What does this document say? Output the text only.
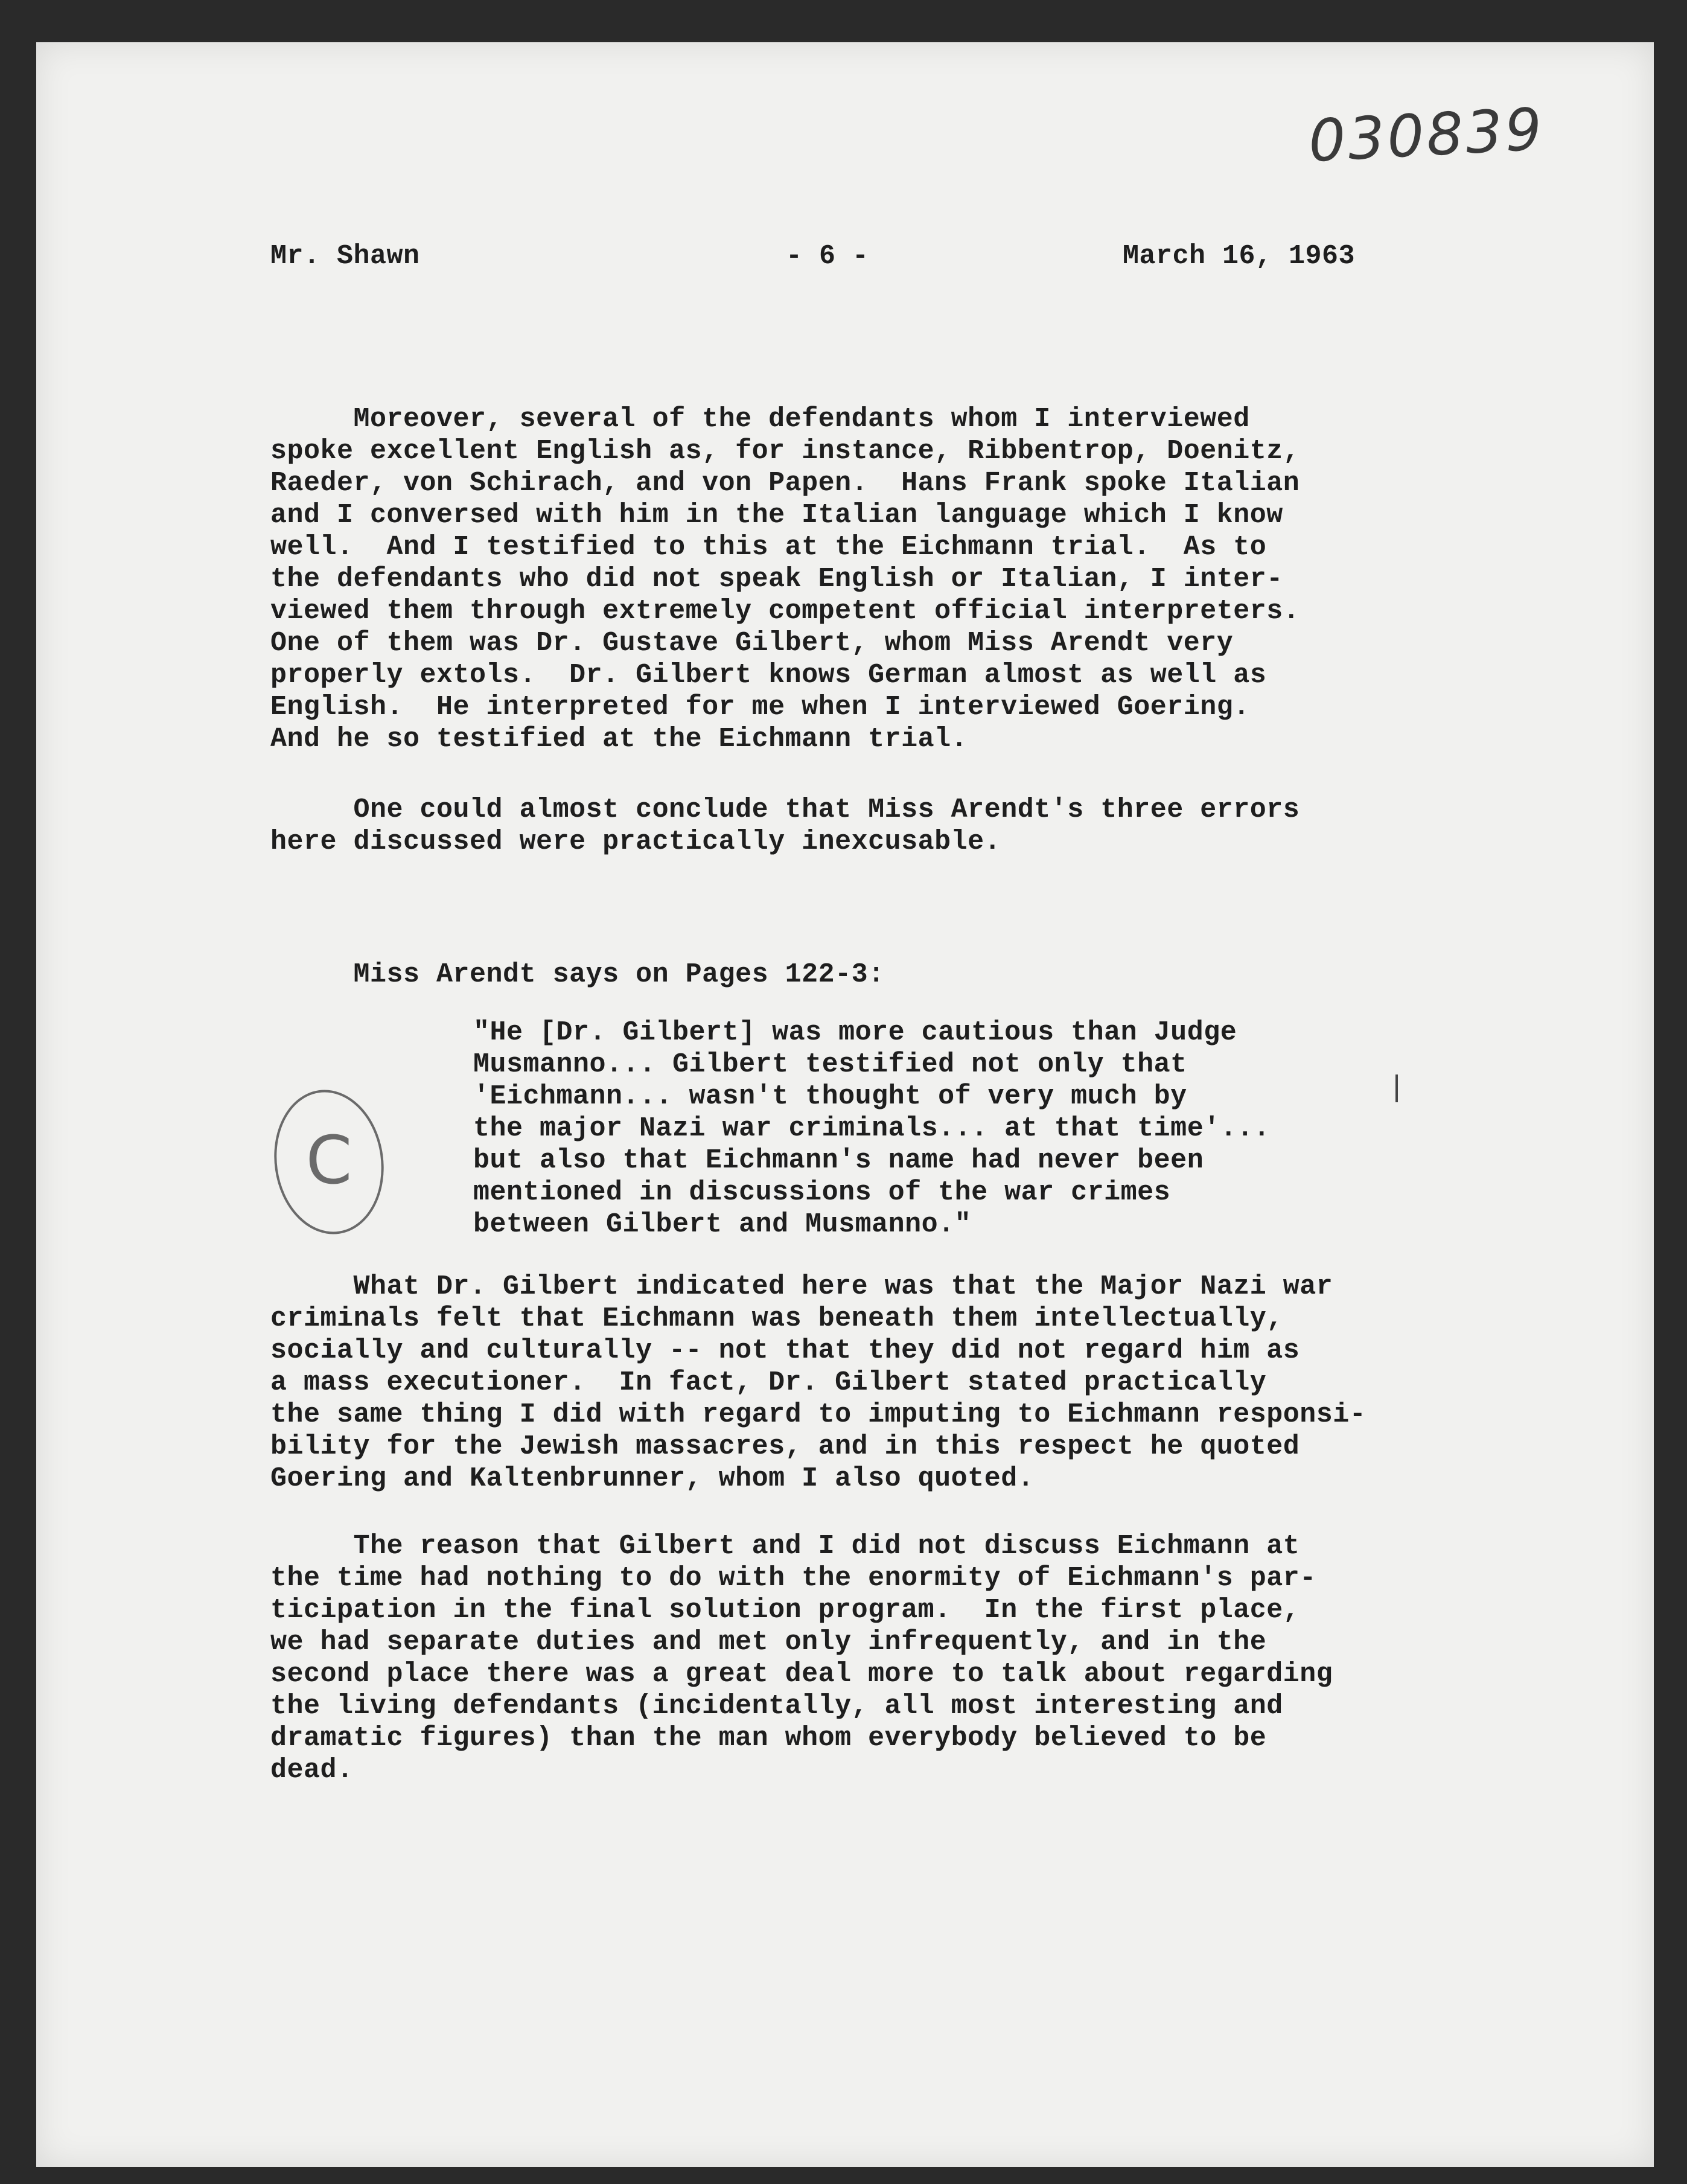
030839
Mr. Shawn	- 6 -	March 16, 1963
Moreover, several of the defendants whom I interviewed
spoke excellent English as, for instance, Ribbentrop, Doenitz,
Raeder, von Schirach, and von Papen.  Hans Frank spoke Italian
and I conversed with him in the Italian language which I know
well.  And I testified to this at the Eichmann trial.  As to
the defendants who did not speak English or Italian, I inter-
viewed them through extremely competent official interpreters.
One of them was Dr. Gustave Gilbert, whom Miss Arendt very
properly extols.  Dr. Gilbert knows German almost as well as
English.  He interpreted for me when I interviewed Goering.
And he so testified at the Eichmann trial.
One could almost conclude that Miss Arendt's three errors
here discussed were practically inexcusable.
Miss Arendt says on Pages 122-3:
"He [Dr. Gilbert] was more cautious than Judge
Musmanno... Gilbert testified not only that
'Eichmann... wasn't thought of very much by
the major Nazi war criminals... at that time'...
but also that Eichmann's name had never been
mentioned in discussions of the war crimes
between Gilbert and Musmanno."
C
What Dr. Gilbert indicated here was that the Major Nazi war
criminals felt that Eichmann was beneath them intellectually,
socially and culturally -- not that they did not regard him as
a mass executioner.  In fact, Dr. Gilbert stated practically
the same thing I did with regard to imputing to Eichmann responsi-
bility for the Jewish massacres, and in this respect he quoted
Goering and Kaltenbrunner, whom I also quoted.
The reason that Gilbert and I did not discuss Eichmann at
the time had nothing to do with the enormity of Eichmann's par-
ticipation in the final solution program.  In the first place,
we had separate duties and met only infrequently, and in the
second place there was a great deal more to talk about regarding
the living defendants (incidentally, all most interesting and
dramatic figures) than the man whom everybody believed to be
dead.
